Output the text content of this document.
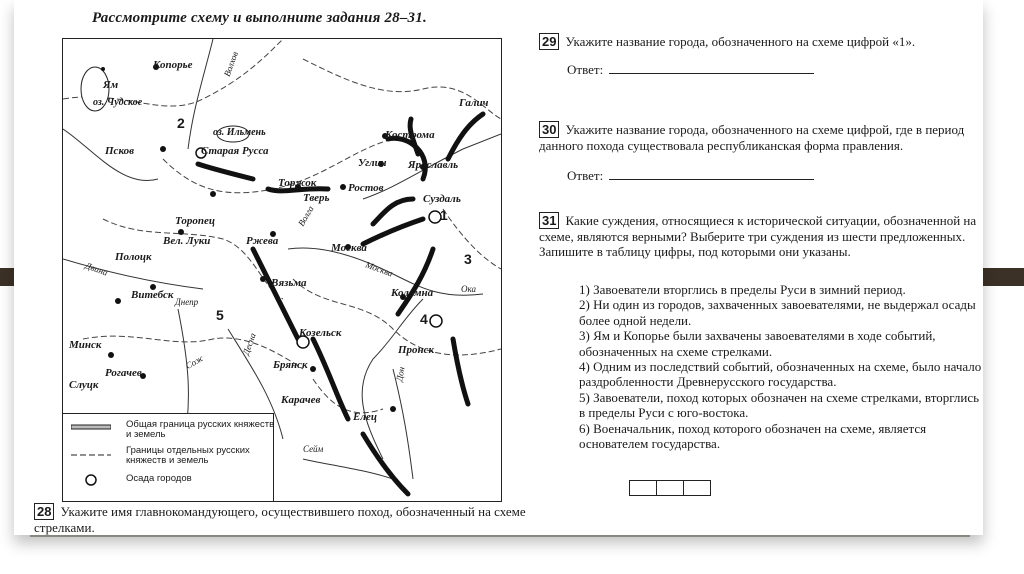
Рассмотрите схему и выполните задания 28–31.
Копорье
Ям
оз. Чудское
оз. Ильмень
Псков	Старая Русса
Торжок
Тверь
Торопец
Вел. Луки	Ржева
Полоцк
Витебск
Вязьма
Москва
Коломна
Минск
Рогачев
Слуцк
Козельск
Брянск
Карачев
Пронск
Елец
Кострома
Углич Ярославль
Ростов
Суздаль
Галич
Волхов
Волга
Москва
Ока
Днепр
Десна
Дон
Сейм
Сож
Двина
2
1
3
4
5
Общая граница русских княжеств и земель
Границы отдельных русских княжеств и земель
Осада городов
29 Укажите название города, обозначенного на схеме цифрой «1».
Ответ:
30 Укажите название города, обозначенного на схеме цифрой, где в период данного похода существовала республиканская форма правления.
Ответ:
31 Какие суждения, относящиеся к исторической ситуации, обозначенной на схеме, являются верными? Выберите три суждения из шести предложенных. Запишите в таблицу цифры, под которыми они указаны.
1) Завоеватели вторглись в пределы Руси в зимний период.
2) Ни один из городов, захваченных завоевателями, не выдержал осады более одной недели.
3) Ям и Копорье были захвачены завоевателями в ходе событий, обозначенных на схеме стрелками.
4) Одним из последствий событий, обозначенных на схеме, было начало раздробленности Древнерусского государства.
5) Завоеватели, поход которых обозначен на схеме стрелками, вторглись в пределы Руси с юго-востока.
6) Военачальник, поход которого обозначен на схеме, является основателем государства.
28 Укажите имя главнокомандующего, осуществившего поход, обозначенный на схеме стрелками.
